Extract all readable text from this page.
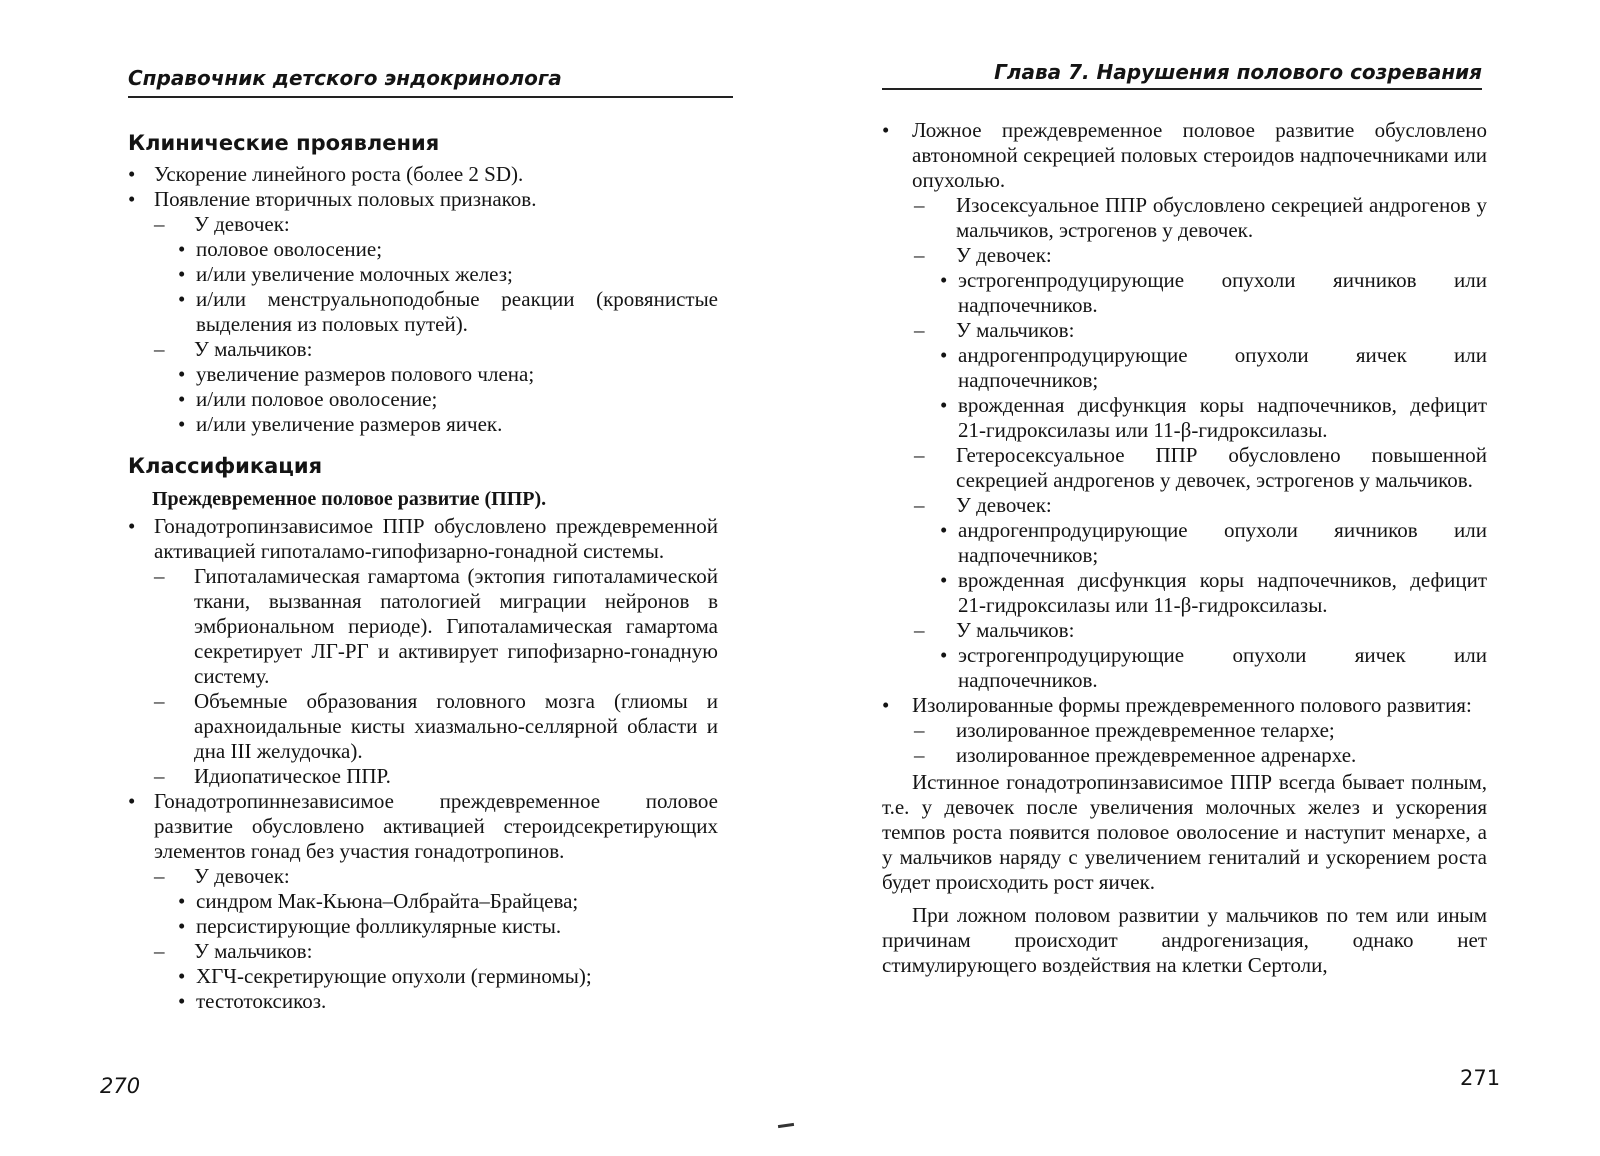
Справочник детского эндокринолога
Клинические проявления
• Ускорение линейного роста (более 2 SD).
• Появление вторичных половых признаков.
– У девочек:
• половое оволосение;
• и/или увеличение молочных желез;
• и/или менструальноподобные реакции (кровянистые выделения из половых путей).
– У мальчиков:
• увеличение размеров полового члена;
• и/или половое оволосение;
• и/или увеличение размеров яичек.
Классификация
Преждевременное половое развитие (ППР).
• Гонадотропинзависимое ППР обусловлено преждевременной активацией гипоталамо-гипофизарно-гонадной системы.
– Гипоталамическая гамартома (эктопия гипоталамической ткани, вызванная патологией миграции нейронов в эмбриональном периоде). Гипоталамическая гамартома секретирует ЛГ-РГ и активирует гипофизарно-гонадную систему.
– Объемные образования головного мозга (глиомы и арахноидальные кисты хиазмально-селлярной области и дна III желудочка).
– Идиопатическое ППР.
• Гонадотропиннезависимое преждевременное половое развитие обусловлено активацией стероидсекретирующих элементов гонад без участия гонадотропинов.
– У девочек:
• синдром Мак-Кьюна–Олбрайта–Брайцева;
• персистирующие фолликулярные кисты.
– У мальчиков:
• ХГЧ-секретирующие опухоли (герминомы);
• тестотоксикоз.
270
Глава 7. Нарушения полового созревания
• Ложное преждевременное половое развитие обусловлено автономной секрецией половых стероидов надпочечниками или опухолью.
– Изосексуальное ППР обусловлено секрецией андрогенов у мальчиков, эстрогенов у девочек.
– У девочек:
• эстрогенпродуцирующие опухоли яичников или надпочечников.
– У мальчиков:
• андрогенпродуцирующие опухоли яичек или надпочечников;
• врожденная дисфункция коры надпочечников, дефицит 21-гидроксилазы или 11-β-гидроксилазы.
– Гетеросексуальное ППР обусловлено повышенной секрецией андрогенов у девочек, эстрогенов у мальчиков.
– У девочек:
• андрогенпродуцирующие опухоли яичников или надпочечников;
• врожденная дисфункция коры надпочечников, дефицит 21-гидроксилазы или 11-β-гидроксилазы.
– У мальчиков:
• эстрогенпродуцирующие опухоли яичек или надпочечников.
• Изолированные формы преждевременного полового развития:
– изолированное преждевременное телархе;
– изолированное преждевременное адренархе.
Истинное гонадотропинзависимое ППР всегда бывает полным, т.е. у девочек после увеличения молочных желез и ускорения темпов роста появится половое оволосение и наступит менархе, а у мальчиков наряду с увеличением гениталий и ускорением роста будет происходить рост яичек.
При ложном половом развитии у мальчиков по тем или иным причинам происходит андрогенизация, однако нет стимулирующего воздействия на клетки Сертоли,
271
